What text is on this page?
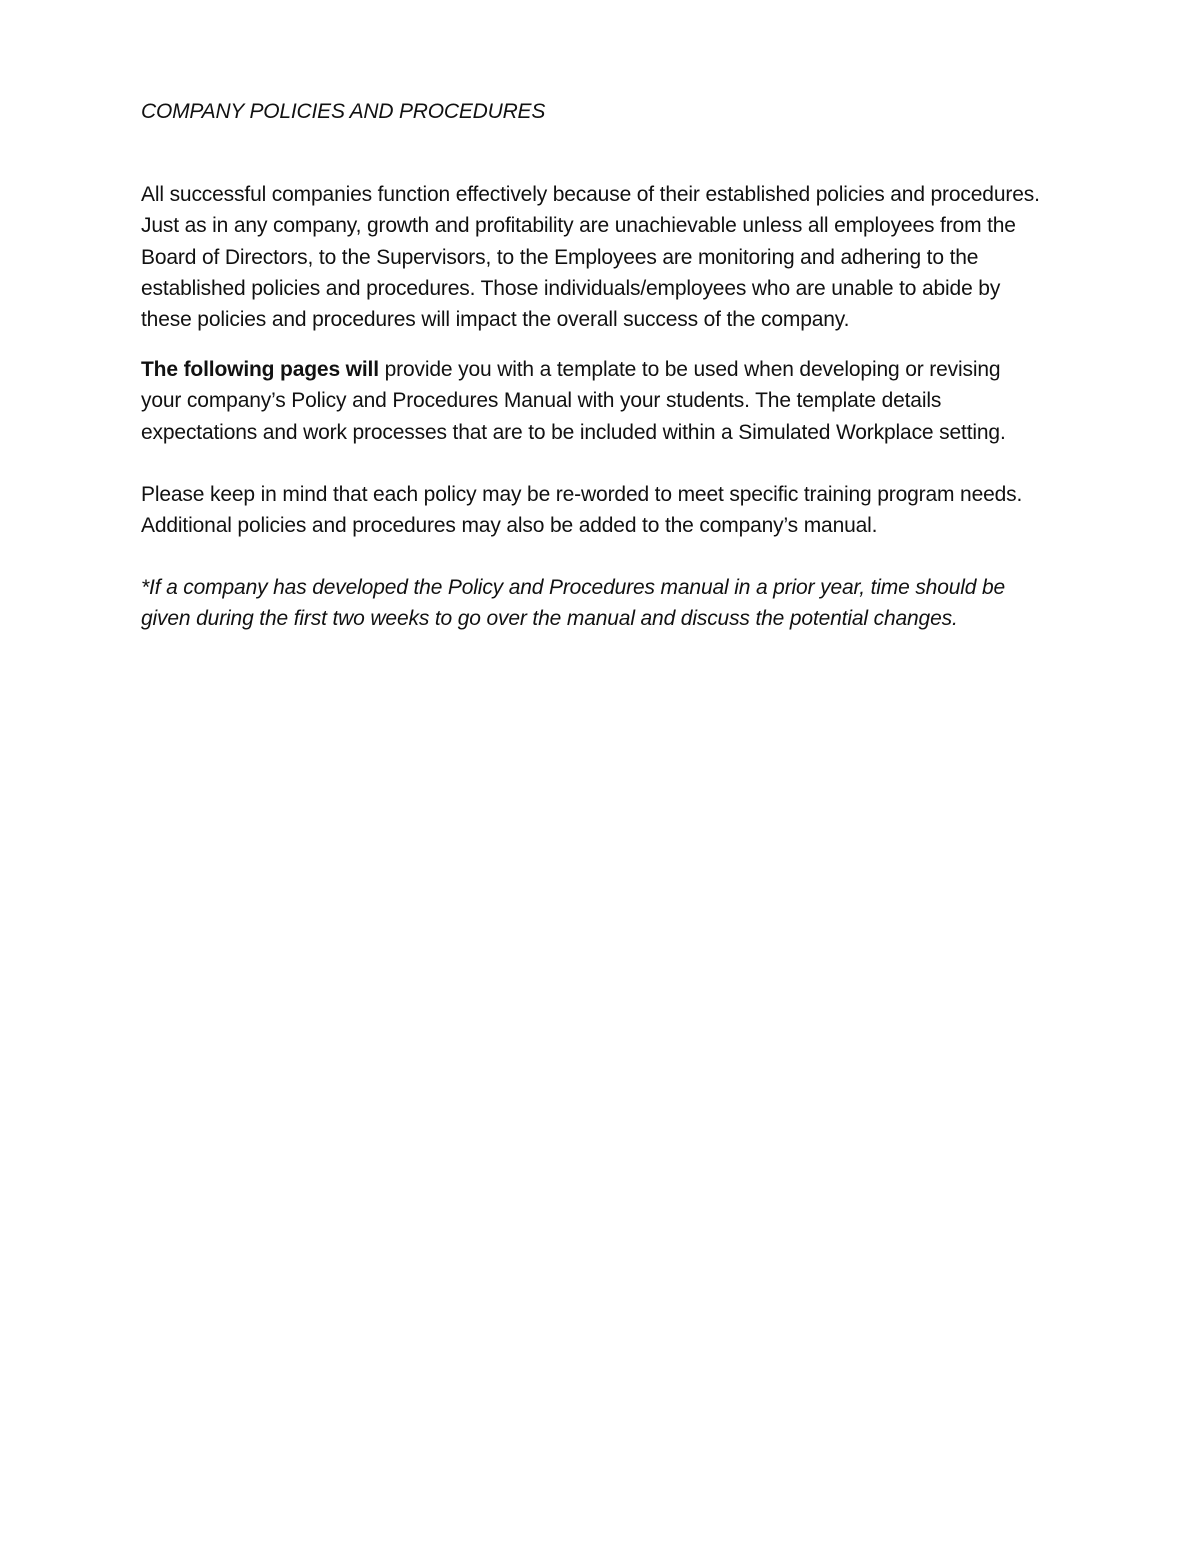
COMPANY POLICIES AND PROCEDURES

All successful companies function effectively because of their established policies and procedures. Just as in any company, growth and profitability are unachievable unless all employees from the Board of Directors, to the Supervisors, to the Employees are monitoring and adhering to the established policies and procedures. Those individuals/employees who are unable to abide by these policies and procedures will impact the overall success of the company.

The following pages will provide you with a template to be used when developing or revising your company’s Policy and Procedures Manual with your students. The template details expectations and work processes that are to be included within a Simulated Workplace setting.

Please keep in mind that each policy may be re-worded to meet specific training program needs. Additional policies and procedures may also be added to the company’s manual.

*If a company has developed the Policy and Procedures manual in a prior year, time should be given during the first two weeks to go over the manual and discuss the potential changes.
